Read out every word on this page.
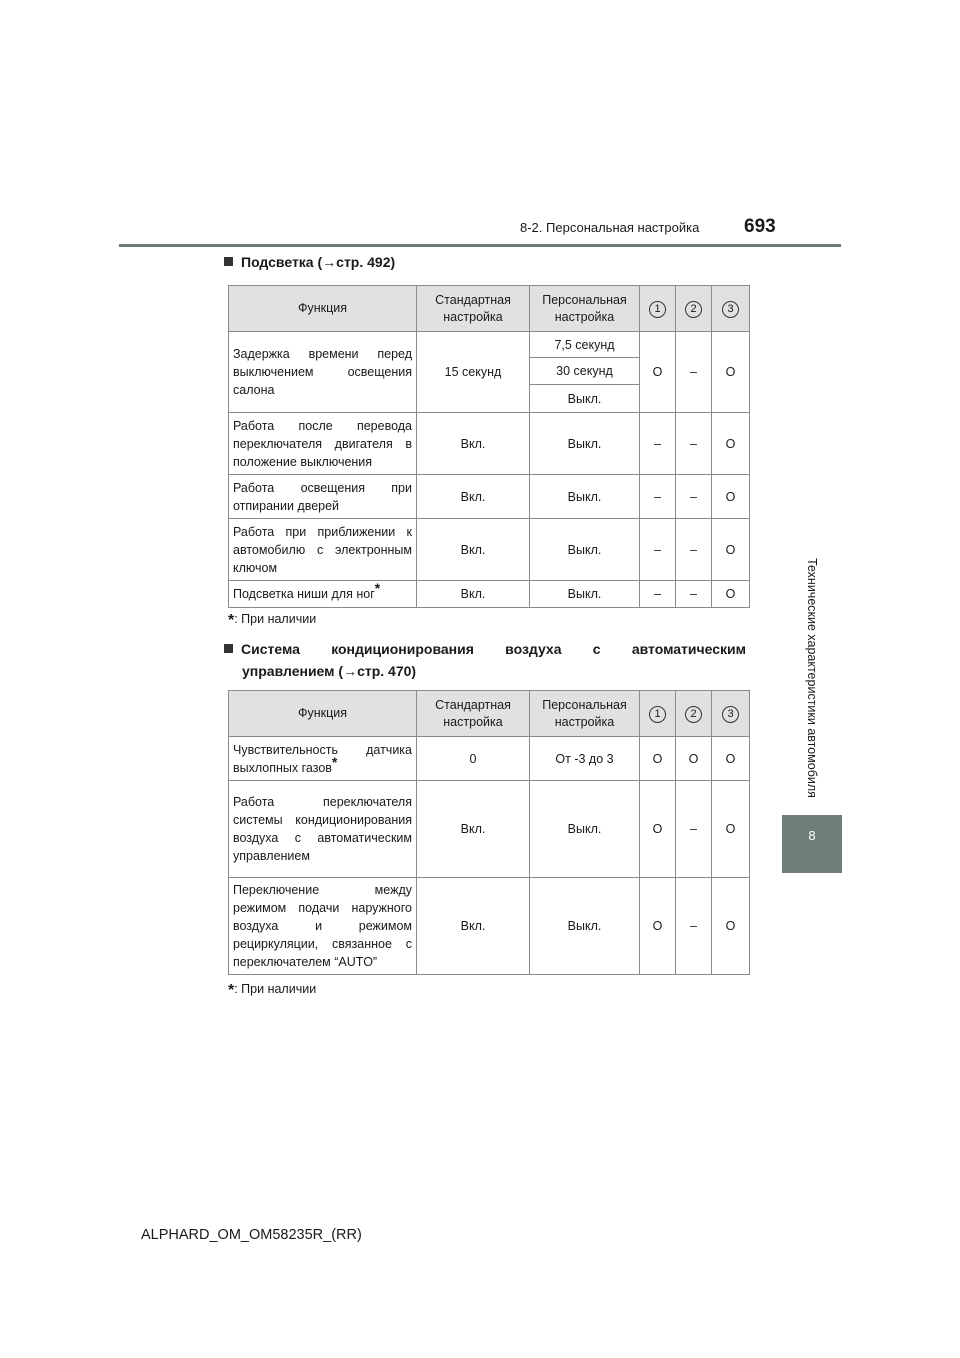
8-2. Персональная настройка 693
Технические характеристики автомобиля
8
Подсветка (→стр. 492)
Функция	Стандартная настройка	Персональная настройка	1	2	3
Задержка времени перед выключением освещения салона	15 секунд	7,5 секунд	O	–	O
		30 секунд			
		Выкл.			
Работа после перевода переключателя двигателя в положение выключения	Вкл.	Выкл.	–	–	O
Работа освещения при отпирании дверей	Вкл.	Выкл.	–	–	O
Работа при приближении к автомобилю с электронным ключом	Вкл.	Выкл.	–	–	O
Подсветка ниши для ног*	Вкл.	Выкл.	–	–	O
*: При наличии
Система кондиционирования воздуха с автоматическим
управлением (→стр. 470)
Функция	Стандартная настройка	Персональная настройка	1	2	3
Чувствительность датчика выхлопных газов*	0	От -3 до 3	O	O	O
Работа переключателя системы кондиционирования воздуха с автоматическим управлением	Вкл.	Выкл.	O	–	O
Переключение между режимом подачи наружного воздуха и режимом рециркуляции, связанное с переключателем “AUTO”	Вкл.	Выкл.	O	–	O
*: При наличии
ALPHARD_OM_OM58235R_(RR)
